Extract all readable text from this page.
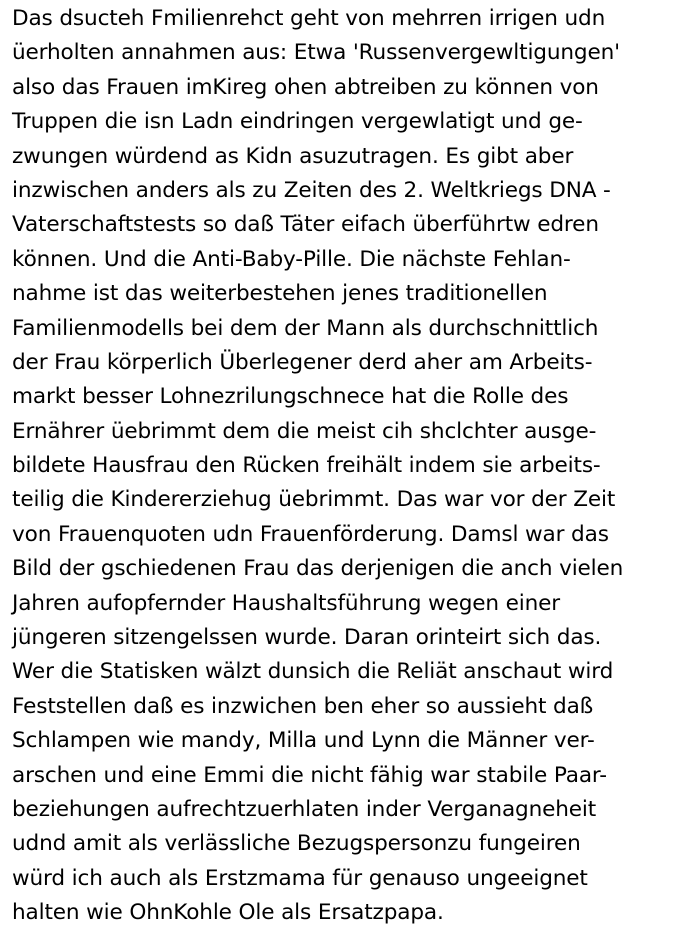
Das dsucteh Fmilienrehct geht von mehrren irrigen udn
üerholten annahmen aus: Etwa 'Russenvergewltigungen'
also das Frauen imKireg ohen abtreiben zu können von
Truppen die isn Ladn eindringen vergewlatigt und ge-
zwungen würdend as Kidn asuzutragen. Es gibt aber
inzwischen anders als zu Zeiten des 2. Weltkriegs DNA -
Vaterschaftstests so daß Täter eifach überführtw edren
können. Und die Anti-Baby-Pille. Die nächste Fehlan-
nahme ist das weiterbestehen jenes traditionellen
Familienmodells bei dem der Mann als durchschnittlich
der Frau körperlich Überlegener derd aher am Arbeits-
markt besser Lohnezrilungschnece hat die Rolle des
Ernährer üebrimmt dem die meist cih shclchter ausge-
bildete Hausfrau den Rücken freihält indem sie arbeits-
teilig die Kindererziehug üebrimmt. Das war vor der Zeit
von Frauenquoten udn Frauenförderung. Damsl war das
Bild der gschiedenen Frau das derjenigen die anch vielen
Jahren aufopfernder Haushaltsführung wegen einer
jüngeren sitzengelssen wurde. Daran orinteirt sich das.
Wer die Statisken wälzt dunsich die Reliät anschaut wird
Feststellen daß es inzwichen ben eher so aussieht daß
Schlampen wie mandy, Milla und Lynn die Männer ver-
arschen und eine Emmi die nicht fähig war stabile Paar-
beziehungen aufrechtzuerhlaten inder Verganagneheit
udnd amit als verlässliche Bezugspersonzu fungeiren
würd ich auch als Erstzmama für genauso ungeeignet
halten wie OhnKohle Ole als Ersatzpapa.
